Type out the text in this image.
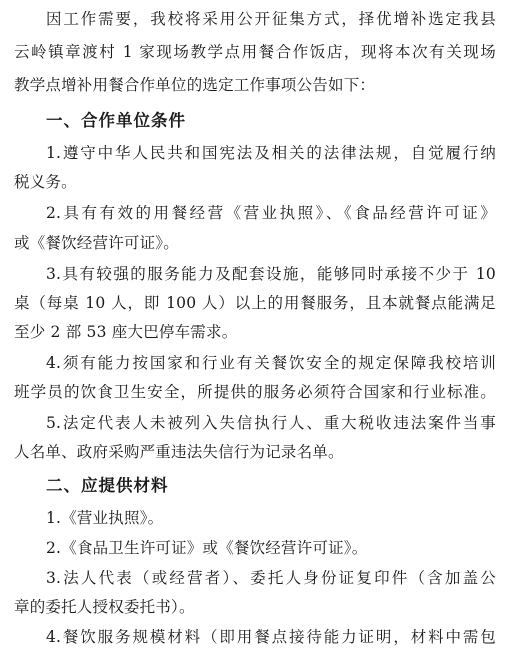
因工作需要，我校将采用公开征集方式，择优增补选定我县
云岭镇章渡村 1 家现场教学点用餐合作饭店，现将本次有关现场
教学点增补用餐合作单位的选定工作事项公告如下：
一、合作单位条件
1.遵守中华人民共和国宪法及相关的法律法规，自觉履行纳
税义务。
2.具有有效的用餐经营《营业执照》、《食品经营许可证》
或《餐饮经营许可证》。
3.具有较强的服务能力及配套设施，能够同时承接不少于 10
桌（每桌 10 人，即 100 人）以上的用餐服务，且本就餐点能满足
至少 2 部 53 座大巴停车需求。
4.须有能力按国家和行业有关餐饮安全的规定保障我校培训
班学员的饮食卫生安全，所提供的服务必须符合国家和行业标准。
5.法定代表人未被列入失信执行人、重大税收违法案件当事
人名单、政府采购严重违法失信行为记录名单。
二、应提供材料
1.《营业执照》。
2.《食品卫生许可证》或《餐饮经营许可证》。
3.法人代表（或经营者）、委托人身份证复印件（含加盖公
章的委托人授权委托书）。
4.餐饮服务规模材料（即用餐点接待能力证明，材料中需包
